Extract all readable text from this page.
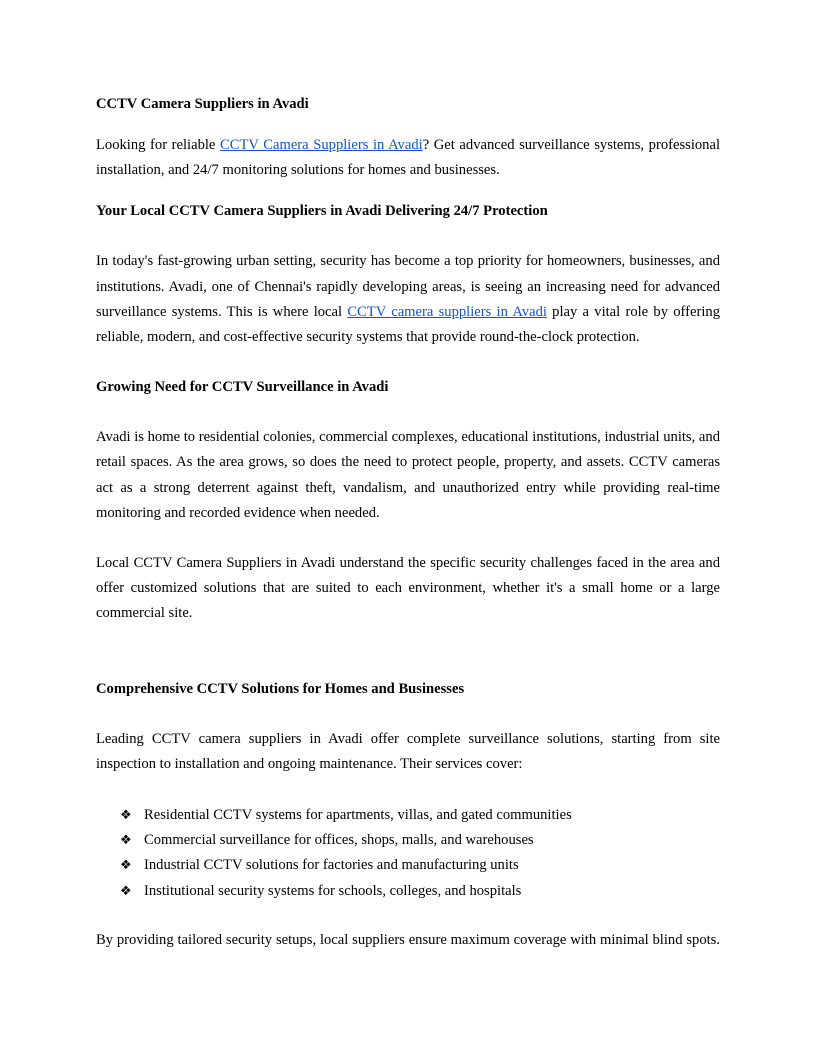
CCTV Camera Suppliers in Avadi

Looking for reliable CCTV Camera Suppliers in Avadi? Get advanced surveillance systems, professional installation, and 24/7 monitoring solutions for homes and businesses.

Your Local CCTV Camera Suppliers in Avadi Delivering 24/7 Protection

In today's fast-growing urban setting, security has become a top priority for homeowners, businesses, and institutions. Avadi, one of Chennai's rapidly developing areas, is seeing an increasing need for advanced surveillance systems. This is where local CCTV camera suppliers in Avadi play a vital role by offering reliable, modern, and cost-effective security systems that provide round-the-clock protection.

Growing Need for CCTV Surveillance in Avadi

Avadi is home to residential colonies, commercial complexes, educational institutions, industrial units, and retail spaces. As the area grows, so does the need to protect people, property, and assets. CCTV cameras act as a strong deterrent against theft, vandalism, and unauthorized entry while providing real-time monitoring and recorded evidence when needed.

Local CCTV Camera Suppliers in Avadi understand the specific security challenges faced in the area and offer customized solutions that are suited to each environment, whether it's a small home or a large commercial site.

Comprehensive CCTV Solutions for Homes and Businesses

Leading CCTV camera suppliers in Avadi offer complete surveillance solutions, starting from site inspection to installation and ongoing maintenance. Their services cover:

❖ Residential CCTV systems for apartments, villas, and gated communities
❖ Commercial surveillance for offices, shops, malls, and warehouses
❖ Industrial CCTV solutions for factories and manufacturing units
❖ Institutional security systems for schools, colleges, and hospitals

By providing tailored security setups, local suppliers ensure maximum coverage with minimal blind spots.
